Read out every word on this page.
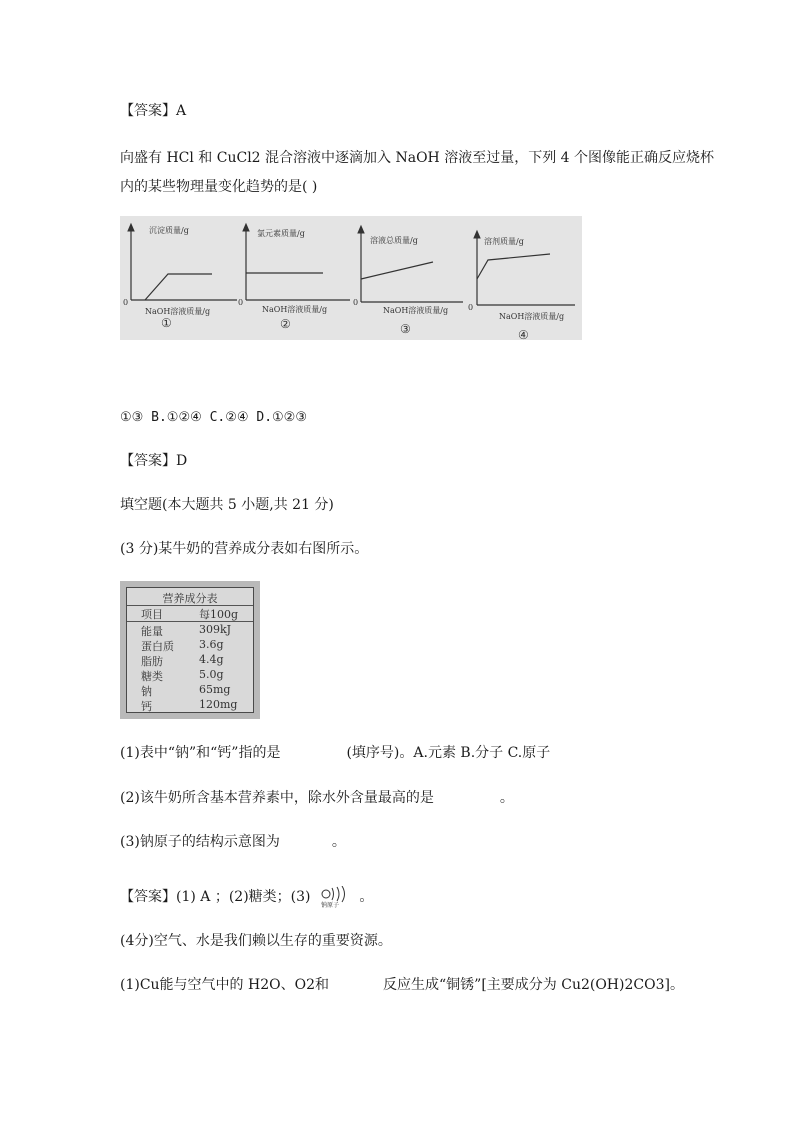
【答案】A
向盛有 HCl 和 CuCl2 混合溶液中逐滴加入 NaOH 溶液至过量，下列 4 个图像能正确反应烧杯
内的某些物理量变化趋势的是( )
沉淀质量/g	氯元素质量/g
溶液总质量/g	溶剂质量/g
NaOH溶液质量/g	NaOH溶液质量/g	NaOH溶液质量/g
NaOH溶液质量/g
0	0	0
0
①	②	③	④
①③ B.①②④ C.②④ D.①②③
【答案】D
填空题(本大题共 5 小题,共 21 分)
(3 分)某牛奶的营养成分表如右图所示。
营养成分表
项目	每100g
能量	309kJ
蛋白质 3.6g
脂肪	4.4g
糖类	5.0g
钠	65mg
钙	120mg
(1)表中“钠”和“钙”指的是	(填序号)。A.元素 B.分子 C.原子
(2)该牛奶所含基本营养素中，除水外含量最高的是	。
(3)钠原子的结构示意图为	。
【答案】(1) A ；(2)糖类；(3)
钠原子
。
(4分)空气、水是我们赖以生存的重要资源。
(1)Cu能与空气中的 H2O、O2和	反应生成“铜锈”[主要成分为 Cu2(OH)2CO3]。
